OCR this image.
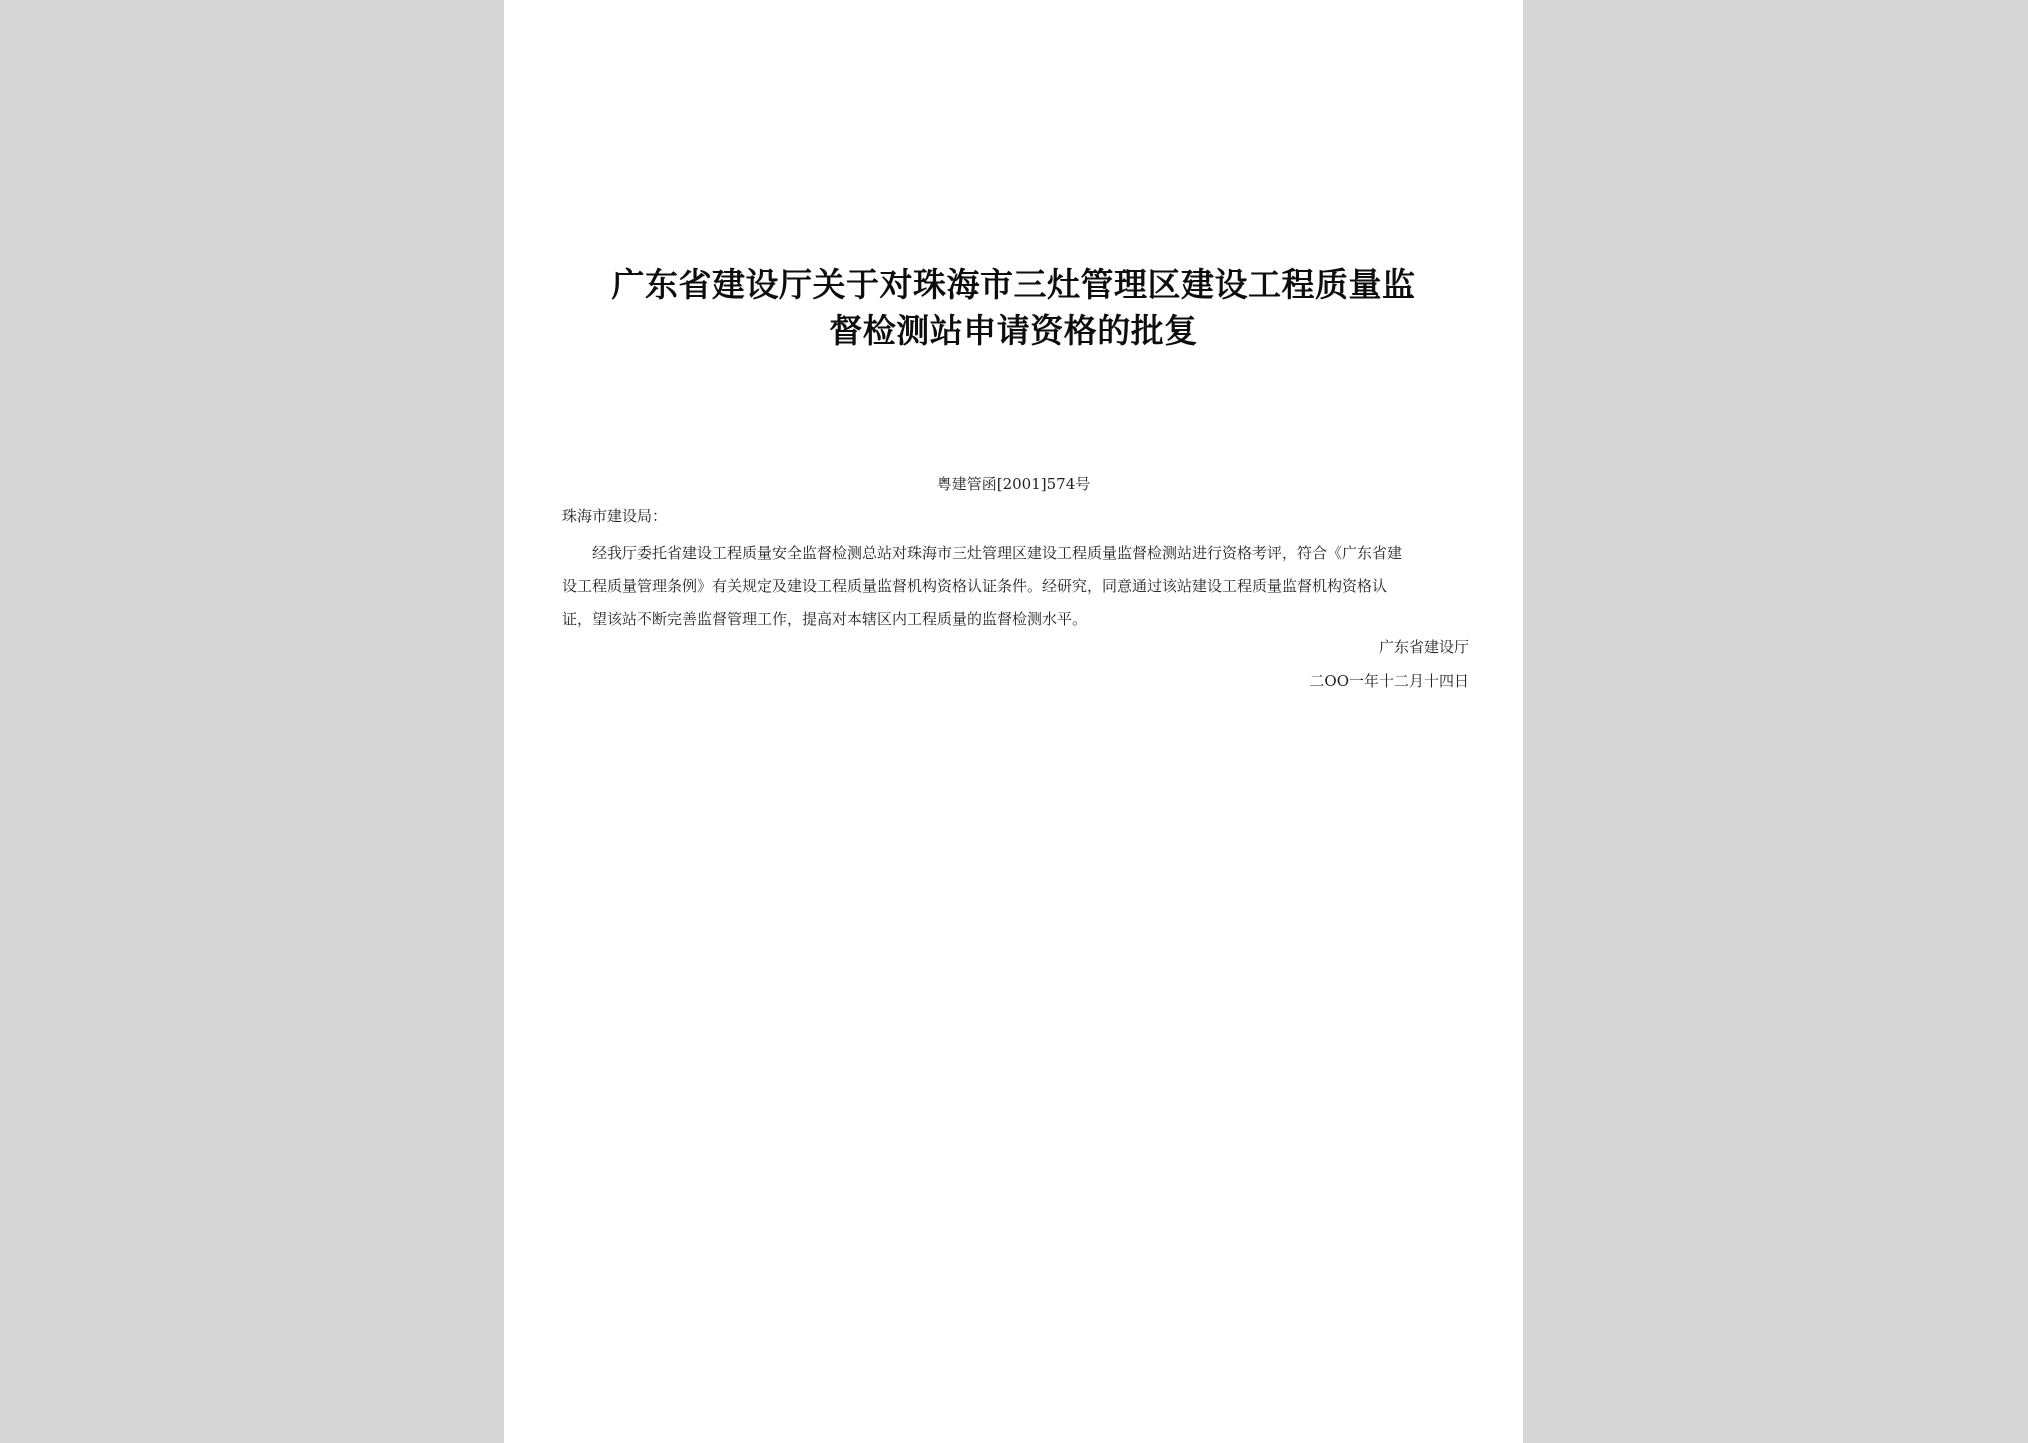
广东省建设厅关于对珠海市三灶管理区建设工程质量监
督检测站申请资格的批复
粤建管函[2001]574号
珠海市建设局：
经我厅委托省建设工程质量安全监督检测总站对珠海市三灶管理区建设工程质量监督检测站进行资格考评，符合《广东省建
设工程质量管理条例》有关规定及建设工程质量监督机构资格认证条件。经研究，同意通过该站建设工程质量监督机构资格认
证，望该站不断完善监督管理工作，提高对本辖区内工程质量的监督检测水平。
广东省建设厅
二OO一年十二月十四日
